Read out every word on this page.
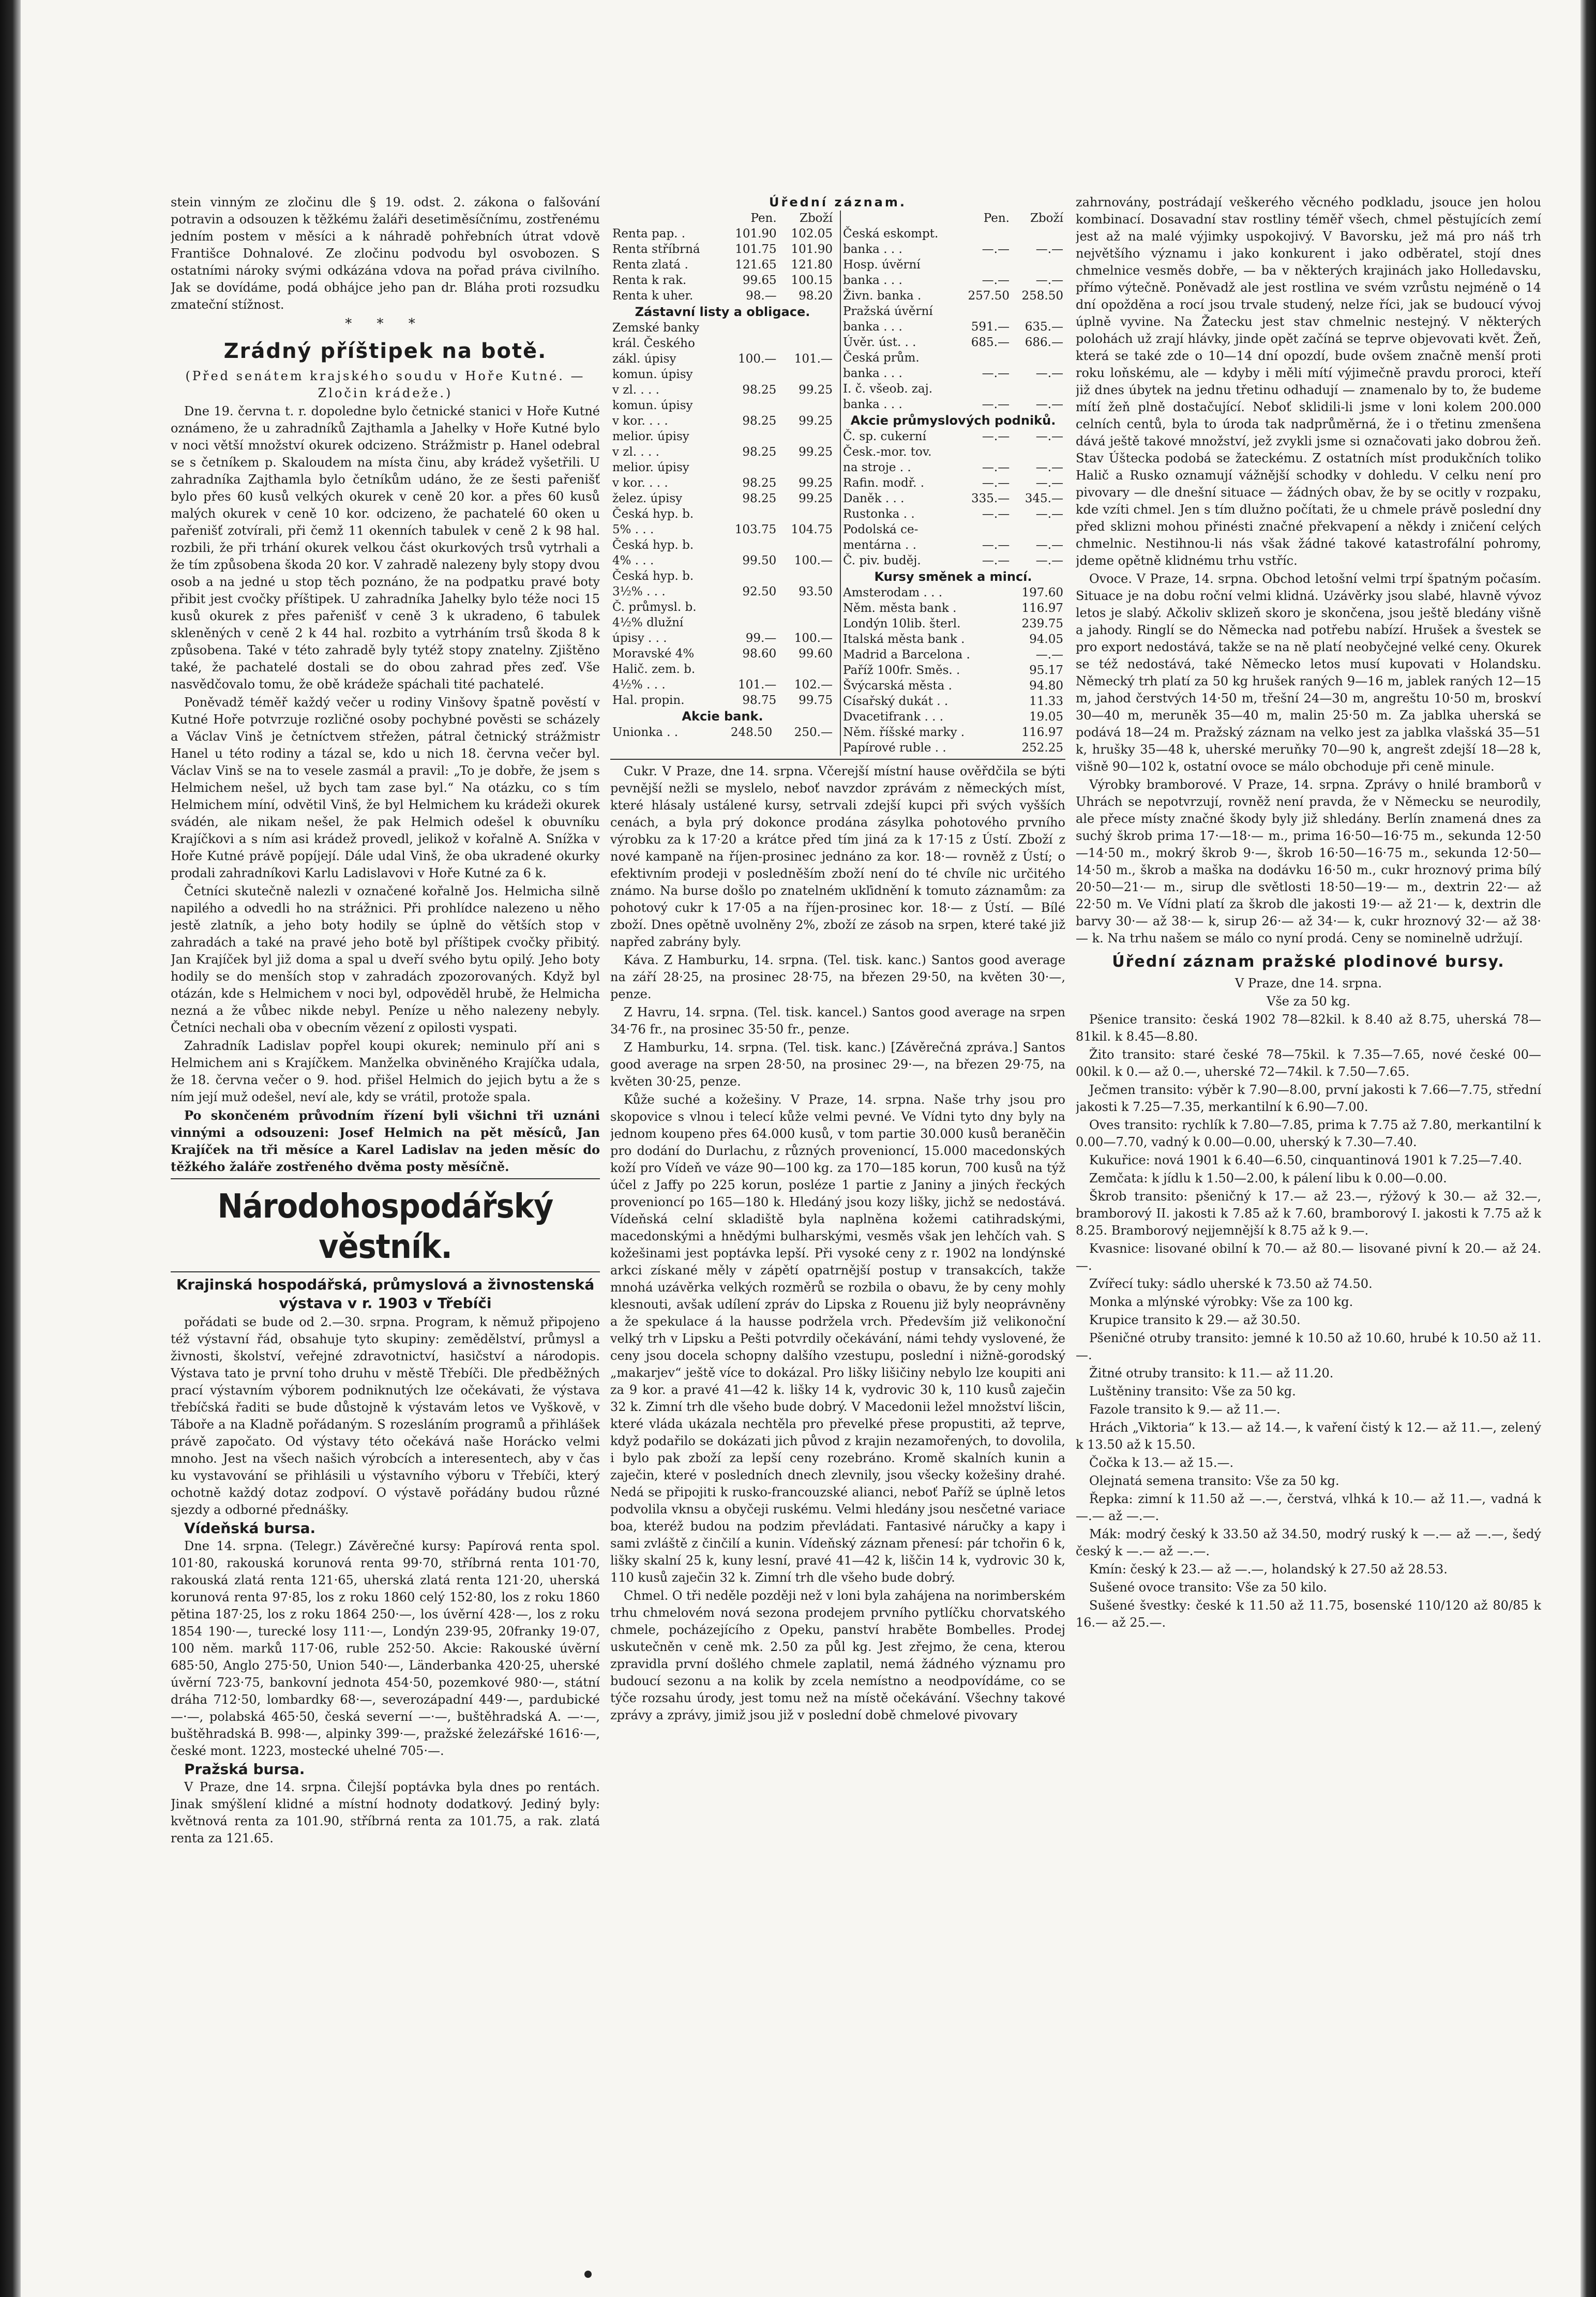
stein vinným ze zločinu dle § 19. odst. 2. zákona o falšování potravin a odsouzen k těžkému žaláři desetiměsíčnímu, zostřenému jedním postem v měsíci a k náhradě pohřebních útrat vdově Františce Dohnalové. Ze zločinu podvodu byl osvobozen. S ostatními nároky svými odkázána vdova na pořad práva civilního. Jak se dovídáme, podá obhájce jeho pan dr. Bláha proti rozsudku zmateční stížnost.

* * *
Zrádný příštipek na botě.

(Před senátem krajského soudu v Hoře Kutné. — Zločin krádeže.)

Dne 19. června t. r. dopoledne bylo četnické stanici v Hoře Kutné oznámeno, že u zahradníků Zajthamla a Jahelky v Hoře Kutné bylo v noci větší množství okurek odcizeno. Strážmistr p. Hanel odebral se s četníkem p. Skaloudem na místa činu, aby krádež vyšetřili. U zahradníka Zajthamla bylo četníkům udáno, že ze šesti pařenišť bylo přes 60 kusů velkých okurek v ceně 20 kor. a přes 60 kusů malých okurek v ceně 10 kor. odcizeno, že pachatelé 60 oken u pařenišť zotvírali, při čemž 11 okenních tabulek v ceně 2 k 98 hal. rozbili, že při trhání okurek velkou část okurkových trsů vytrhali a že tím způsobena škoda 20 kor. V zahradě nalezeny byly stopy dvou osob a na jedné u stop těch poznáno, že na podpatku pravé boty přibit jest cvočky příštipek. U zahradníka Jahelky bylo téže noci 15 kusů okurek z přes pařenišť v ceně 3 k ukradeno, 6 tabulek skleněných v ceně 2 k 44 hal. rozbito a vytrháním trsů škoda 8 k způsobena. Také v této zahradě byly tytéž stopy znatelny. Zjištěno také, že pachatelé dostali se do obou zahrad přes zeď. Vše nasvědčovalo tomu, že obě krádeže spáchali tité pachatelé.

Poněvadž téměř každý večer u rodiny Vinšovy špatně pověstí v Kutné Hoře potvrzuje rozličné osoby pochybné pověsti se scházely a Václav Vinš je četníctvem střežen, pátral četnický strážmistr Hanel u této rodiny a tázal se, kdo u nich 18. června večer byl. Václav Vinš se na to vesele zasmál a pravil: „To je dobře, že jsem s Helmichem nešel, už bych tam zase byl.“ Na otázku, co s tím Helmichem míní, odvětil Vinš, že byl Helmichem ku krádeži okurek svádén, ale nikam nešel, že pak Helmich odešel k obuvníku Krajíčkovi a s ním asi krádež provedl, jelikož v kořalně A. Snížka v Hoře Kutné právě popíjejí. Dále udal Vinš, že oba ukradené okurky prodali zahradníkovi Karlu Ladislavovi v Hoře Kutné za 6 k.

Četníci skutečně nalezli v označené kořalně Jos. Helmicha silně napilého a odvedli ho na strážnici. Při prohlídce nalezeno u něho jestě zlatník, a jeho boty hodily se úplně do větších stop v zahradách a také na pravé jeho botě byl příštipek cvočky přibitý. Jan Krajíček byl již doma a spal u dveří svého bytu opilý. Jeho boty hodily se do menších stop v zahradách zpozorovaných. Když byl otázán, kde s Helmichem v noci byl, odpověděl hrubě, že Helmicha nezná a že vůbec nikde nebyl. Peníze u něho nalezeny nebyly. Četníci nechali oba v obecním vězení z opilosti vyspati.

Zahradník Ladislav popřel koupi okurek; neminulo pří ani s Helmichem ani s Krajíčkem. Manželka obviněného Krajíčka udala, že 18. června večer o 9. hod. přišel Helmich do jejich bytu a že s ním její muž odešel, neví ale, kdy se vrátil, protože spala.

Po skončeném průvodním řízení byli všichni tři uznáni vinnými a odsouzeni: Josef Helmich na pět měsíců, Jan Krajíček na tři měsíce a Karel Ladislav na jeden měsíc do těžkého žaláře zostřeného dvěma posty měsíčně.

Národohospodářský věstník.

Krajinská hospodářská, průmyslová a živnostenská výstava v r. 1903 v Třebíči

pořádati se bude od 2.—30. srpna. Program, k němuž připojeno též výstavní řád, obsahuje tyto skupiny: zemědělství, průmysl a živnosti, školství, veřejné zdravotnictví, hasičství a národopis. Výstava tato je první toho druhu v městě Třebíči. Dle předběžných prací výstavním výborem podniknutých lze očekávati, že výstava třebíčská řaditi se bude důstojně k výstavám letos ve Vyškově, v Táboře a na Kladně pořádaným. S rozesláním programů a přihlášek právě započato. Od výstavy této očekává naše Horácko velmi mnoho. Jest na všech našich výrobcích a interesentech, aby v čas ku vystavování se přihlásili u výstavního výboru v Třebíči, který ochotně každý dotaz zodpoví. O výstavě pořádány budou různé sjezdy a odborné přednášky.

Vídeňská bursa.

Dne 14. srpna. (Telegr.) Závěrečné kursy: Papírová renta spol. 101·80, rakouská korunová renta 99·70, stříbrná renta 101·70, rakouská zlatá renta 121·65, uherská zlatá renta 121·20, uherská korunová renta 97·85, los z roku 1860 celý 152·80, los z roku 1860 pětina 187·25, los z roku 1864 250·—, los úvěrní 428·—, los z roku 1854 190·—, turecké losy 111·—, Londýn 239·95, 20franky 19·07, 100 něm. marků 117·06, ruble 252·50. Akcie: Rakouské úvěrní 685·50, Anglo 275·50, Union 540·—, Länderbanka 420·25, uherské úvěrní 723·75, bankovní jednota 454·50, pozemkové 980·—, státní dráha 712·50, lombardky 68·—, severozápadní 449·—, pardubické —·—, polabská 465·50, česká severní —·—, buštěhradská A. —·—, buštěhradská B. 998·—, alpinky 399·—, pražské železářské 1616·—, české mont. 1223, mostecké uhelné 705·—.

Pražská bursa.

V Praze, dne 14. srpna. Čilejší poptávka byla dnes po rentách. Jinak smýšlení klidné a místní hodnoty dodatkový. Jediný byly: květnová renta za 101.90, stříbrná renta za 101.75, a rak. zlatá renta za 121.65.

Úřední záznam.
	Pen.	Zboží
Renta pap. .	101.90	102.05
Renta stříbrná	101.75	101.90
Renta zlatá .	121.65	121.80
Renta k rak.	99.65	100.15
Renta k uher.	98.—	98.20
Zástavní listy a obligace.
Zemské banky		
král. Českého		
zákl. úpisy	100.—	101.—
komun. úpisy		
v zl. . . .	98.25	99.25
komun. úpisy		
v kor. . . .	98.25	99.25
melior. úpisy		
v zl. . . .	98.25	99.25
melior. úpisy		
v kor. . . .	98.25	99.25
želez. úpisy	98.25	99.25
Česká hyp. b.		
5% . . .	103.75	104.75
Česká hyp. b.		
4% . . .	99.50	100.—
Česká hyp. b.		
3½% . . .	92.50	93.50
Č. průmysl. b.		
4½% dlužní		
úpisy . . .	99.—	100.—
Moravské 4%	98.60	99.60
Halič. zem. b.		
4½% . . .	101.—	102.—
Hal. propin.	98.75	99.75
Akcie bank.
Unionka . .	248.50	250.—
	Pen.	Zboží
Česká eskompt.		
banka . . .	—.—	—.—
Hosp. úvěrní		
banka . . .	—.—	—.—
Živn. banka .	257.50	258.50
Pražská úvěrní		
banka . . .	591.—	635.—
Úvěr. úst. . .	685.—	686.—
Česká prům.		
banka . . .	—.—	—.—
I. č. všeob. zaj.		
banka . . .	—.—	—.—
Akcie průmyslových podniků.
Č. sp. cukerní	—.—	—.—
Česk.-mor. tov.		
na stroje . .	—.—	—.—
Rafin. modř. .	—.—	—.—
Daněk . . .	335.—	345.—
Rustonka . .	—.—	—.—
Podolská ce-		
mentárna . .	—.—	—.—
Č. piv. buděj.	—.—	—.—
Kursy směnek a mincí.
Amsterodam . . .	197.60
Něm. města bank .	116.97
Londýn 10lib. šterl.	239.75
Italská města bank .	94.05
Madrid a Barcelona .	—.—
Paříž 100fr. Směs. .	95.17
Švýcarská města .	94.80
Císařský dukát . .	11.33
Dvacetifrank . . .	19.05
Něm. říšské marky .	116.97
Papírové ruble . .	252.25

Cukr. V Praze, dne 14. srpna. Včerejší místní hause ověřdčila se býti pevnější nežli se myslelo, neboť navzdor zprávám z německých míst, které hlásaly ustálené kursy, setrvali zdejší kupci při svých vyšších cenách, a byla prý dokonce prodána zásylka pohotového prvního výrobku za k 17·20 a krátce před tím jiná za k 17·15 z Ústí. Zboží z nové kampaně na říjen-prosinec jednáno za kor. 18·— rovněž z Ústí; o efektivním prodeji v posledněším zboží není do té chvíle nic určitého známo. Na burse došlo po znatelném ukľidnění k tomuto záznamům: za pohotový cukr k 17·05 a na říjen-prosinec kor. 18·— z Ústí. — Bílé zboží. Dnes opětně uvolněny 2%, zboží ze zásob na srpen, které také již napřed zabrány byly.

Káva. Z Hamburku, 14. srpna. (Tel. tisk. kanc.) Santos good average na září 28·25, na prosinec 28·75, na březen 29·50, na květen 30·—, penze.

Z Havru, 14. srpna. (Tel. tisk. kancel.) Santos good average na srpen 34·76 fr., na prosinec 35·50 fr., penze.

Z Hamburku, 14. srpna. (Tel. tisk. kanc.) [Závěrečná zpráva.] Santos good average na srpen 28·50, na prosinec 29·—, na březen 29·75, na květen 30·25, penze.

Kůže suché a kožešiny. V Praze, 14. srpna. Naše trhy jsou pro skopovice s vlnou i telecí kůže velmi pevné. Ve Vídni tyto dny byly na jednom koupeno přes 64.000 kusů, v tom partie 30.000 kusů beraněčin pro dodání do Durlachu, z různých provenioncí, 15.000 macedonských koží pro Vídeň ve váze 90—100 kg. za 170—185 korun, 700 kusů na týž účel z Jaffy po 225 korun, posléze 1 partie z Janiny a jiných řeckých provenioncí po 165—180 k. Hledáný jsou kozy lišky, jichž se nedostává. Vídeňská celní skladiště byla naplněna kožemi catihradskými, macedonskými a hnědými bulharskými, vesměs však jen lehčích vah. S kožešinami jest poptávka lepší. Při vysoké ceny z r. 1902 na londýnské arkci získané měly v zápětí opatrnější postup v transakcích, takže mnohá uzávěrka velkých rozměrů se rozbila o obavu, že by ceny mohly klesnouti, avšak udílení zpráv do Lipska z Rouenu již byly neoprávněny a že spekulace á la hausse podržela vrch. Především již velikonoční velký trh v Lipsku a Pešti potvrdily očekávání, námi tehdy vyslovené, že ceny jsou docela schopny dalšího vzestupu, poslední i nižně-gorodský „makarjev“ ještě více to dokázal. Pro lišky lišičiny nebylo lze koupiti ani za 9 kor. a pravé 41—42 k. lišky 14 k, vydrovic 30 k, 110 kusů zaječin 32 k. Zimní trh dle všeho bude dobrý. V Macedonii ležel množství lišcin, které vláda ukázala nechtěla pro převelké přese propustiti, až teprve, když podařilo se dokázati jich původ z krajin nezamořených, to dovolila, i bylo pak zboží za lepší ceny rozebráno. Kromě skalních kunin a zaječin, které v posledních dnech zlevnily, jsou všecky kožešiny drahé. Nedá se připojiti k rusko-francouzské alianci, neboť Paříž se úplně letos podvolila vknsu a obyčeji ruskému. Velmi hledány jsou nesčetné variace boa, kteréž budou na podzim převládati. Fantasivé náručky a kapy i sami zvláště z činčilí a kunin. Vídeňský záznam přenesí: pár tchořin 6 k, lišky skalní 25 k, kuny lesní, pravé 41—42 k, liščin 14 k, vydrovic 30 k, 110 kusů zaječin 32 k. Zimní trh dle všeho bude dobrý.

Chmel. O tři neděle později než v loni byla zahájena na norimberském trhu chmelovém nová sezona prodejem prvního pytlíčku chorvatského chmele, pocházejícího z Opeku, panství hraběte Bombelles. Prodej uskutečněn v ceně mk. 2.50 za půl kg. Jest zřejmo, že cena, kterou zpravidla první došlého chmele zaplatil, nemá žádného významu pro budoucí sezonu a na kolik by zcela nemístno a neodpovídáme, co se týče rozsahu úrody, jest tomu než na místě očekávání. Všechny takové zprávy a zprávy, jimiž jsou již v poslední době chmelové pivovary

zahrnovány, postrádají veškerého věcného podkladu, jsouce jen holou kombinací. Dosavadní stav rostliny téměř všech, chmel pěstujících zemí jest až na malé výjimky uspokojivý. V Bavorsku, jež má pro náš trh největšího významu i jako konkurent i jako odběratel, stojí dnes chmelnice vesměs dobře, — ba v některých krajinách jako Holledavsku, přímo výtečně. Poněvadž ale jest rostlina ve svém vzrůstu nejméně o 14 dní opožděna a rocí jsou trvale studený, nelze říci, jak se budoucí vývoj úplně vyvine. Na Žatecku jest stav chmelnic nestejný. V některých polohách už zrají hlávky, jinde opět začíná se teprve objevovati květ. Žeň, která se také zde o 10—14 dní opozdí, bude ovšem značně menší proti roku loňskému, ale — kdyby i měli mítí výjimečně pravdu proroci, kteří již dnes úbytek na jednu třetinu odhadují — znamenalo by to, že budeme mítí žeň plně dostačující. Neboť sklidili-li jsme v loni kolem 200.000 celních centů, byla to úroda tak nadprůměrná, že i o třetinu zmenšena dává ještě takové množství, jež zvykli jsme si označovati jako dobrou žeň. Stav Úštecka podobá se žateckému. Z ostatních míst produkčních toliko Halič a Rusko oznamují vážnější schodky v dohledu. V celku není pro pivovary — dle dnešní situace — žádných obav, že by se ocitly v rozpaku, kde vzíti chmel. Jen s tím dlužno počítati, že u chmele právě poslední dny před sklizni mohou přinésti značné překvapení a někdy i zničení celých chmelnic. Nestihnou-li nás však žádné takové katastrofální pohromy, jdeme opětně klidnému trhu vstříc.

Ovoce. V Praze, 14. srpna. Obchod letošní velmi trpí špatným počasím. Situace je na dobu roční velmi klidná. Uzávěrky jsou slabé, hlavně vývoz letos je slabý. Ačkoliv sklizeň skoro je skončena, jsou ještě bledány višně a jahody. Ringlí se do Německa nad potřebu nabízí. Hrušek a švestek se pro export nedostává, takže se na ně platí neobyčejné velké ceny. Okurek se též nedostává, také Německo letos musí kupovati v Holandsku. Německý trh platí za 50 kg hrušek raných 9—16 m, jablek raných 12—15 m, jahod čerstvých 14·50 m, třešní 24—30 m, angreštu 10·50 m, broskví 30—40 m, meruněk 35—40 m, malin 25·50 m. Za jablka uherská se podává 18—24 m. Pražský záznam na velko jest za jablka vlašská 35—51 k, hrušky 35—48 k, uherské meruňky 70—90 k, angrešt zdejší 18—28 k, višně 90—102 k, ostatní ovoce se málo obchoduje při ceně minule.

Výrobky bramborové. V Praze, 14. srpna. Zprávy o hnilé bramborů v Uhrách se nepotvrzují, rovněž není pravda, že v Německu se neurodily, ale přece místy značné škody byly již shledány. Berlín znamená dnes za suchý škrob prima 17·—18·— m., prima 16·50—16·75 m., sekunda 12·50—14·50 m., mokrý škrob 9·—, škrob 16·50—16·75 m., sekunda 12·50—14·50 m., škrob a maška na dodávku 16·50 m., cukr hroznový prima bílý 20·50—21·— m., sirup dle světlosti 18·50—19·— m., dextrin 22·— až 22·50 m. Ve Vídni platí za škrob dle jakosti 19·— až 21·— k, dextrin dle barvy 30·— až 38·— k, sirup 26·— až 34·— k, cukr hroznový 32·— až 38·— k. Na trhu našem se málo co nyní prodá. Ceny se nominelně udržují.

Úřední záznam pražské plodinové bursy.

V Praze, dne 14. srpna.

Vše za 50 kg.

Pšenice transito: česká 1902 78—82kil. k 8.40 až 8.75, uherská 78—81kil. k 8.45—8.80.

Žito transito: staré české 78—75kil. k 7.35—7.65, nové české 00—00kil. k 0.— až 0.—, uherské 72—74kil. k 7.50—7.65.

Ječmen transito: výběr k 7.90—8.00, první jakosti k 7.66—7.75, střední jakosti k 7.25—7.35, merkantilní k 6.90—7.00.

Oves transito: rychlík k 7.80—7.85, prima k 7.75 až 7.80, merkantilní k 0.00—7.70, vadný k 0.00—0.00, uherský k 7.30—7.40.

Kukuřice: nová 1901 k 6.40—6.50, cinquantinová 1901 k 7.25—7.40.

Zemčata: k jídlu k 1.50—2.00, k pálení libu k 0.00—0.00.

Škrob transito: pšeničný k 17.— až 23.—, rýžový k 30.— až 32.—, bramborový II. jakosti k 7.85 až k 7.60, bramborový I. jakosti k 7.75 až k 8.25. Bramborový nejjemnější k 8.75 až k 9.—.

Kvasnice: lisované obilní k 70.— až 80.— lisované pivní k 20.— až 24.—.

Zvířecí tuky: sádlo uherské k 73.50 až 74.50.

Monka a mlýnské výrobky: Vše za 100 kg.

Krupice transito k 29.— až 30.50.

Pšeničné otruby transito: jemné k 10.50 až 10.60, hrubé k 10.50 až 11.—.

Žitné otruby transito: k 11.— až 11.20.

Luštěniny transito: Vše za 50 kg.

Fazole transito k 9.— až 11.—.

Hrách „Viktoria“ k 13.— až 14.—, k vaření čistý k 12.— až 11.—, zelený k 13.50 až k 15.50.

Čočka k 13.— až 15.—.

Olejnatá semena transito: Vše za 50 kg.

Řepka: zimní k 11.50 až —.—, čerstvá, vlhká k 10.— až 11.—, vadná k —.— až —.—.

Mák: modrý český k 33.50 až 34.50, modrý ruský k —.— až —.—, šedý český k —.— až —.—.

Kmín: český k 23.— až —.—, holandský k 27.50 až 28.53.

Sušené ovoce transito: Vše za 50 kilo.

Sušené švestky: české k 11.50 až 11.75, bosenské 110/120 až 80/85 k 16.— až 25.—.
